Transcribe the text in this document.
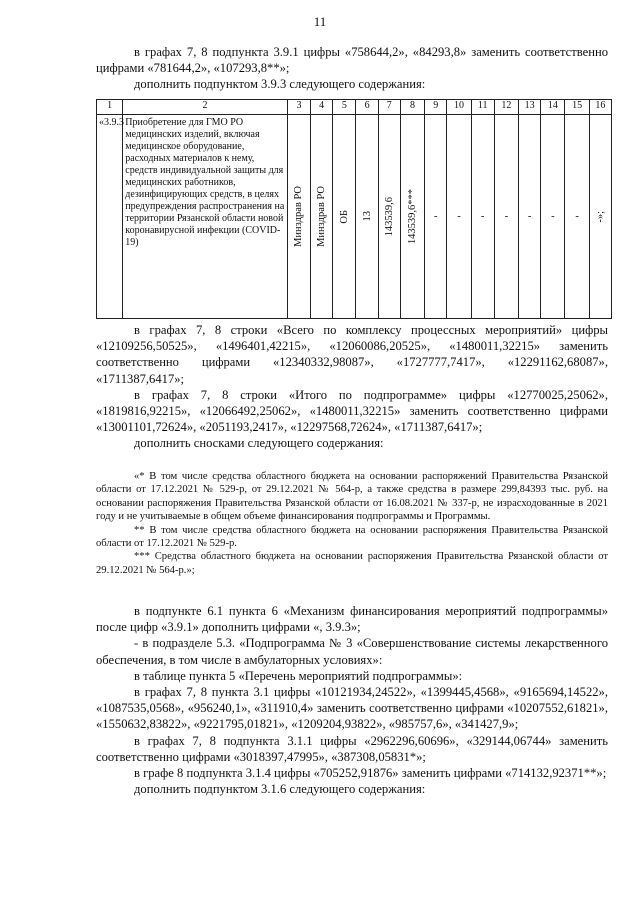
11

в графах 7, 8 подпункта 3.9.1 цифры «758644,2», «84293,8» заменить соответственно цифрами «781644,2», «107293,8**»;

дополнить подпунктом 3.9.3 следующего содержания:

1	2	3	4	5	6	7	8	9	10	11	12	13	14	15	16
«3.9.3	Приобретение для ГМО РО медицинских изделий, включая медицинское оборудование, расходных материалов к нему, средств индивидуальной защиты для медицинских работников, дезинфицирующих средств, в целях предупреждения распространения на территории Рязанской области новой коронавирусной инфекции (COVID-19)	Минздрав РО	Минздрав РО	ОБ	13	143539,6	143539,6***	-	-	-	-	-	-	-	-»;

в графах 7, 8 строки «Всего по комплексу процессных мероприятий» цифры «12109256,50525», «1496401,42215», «12060086,20525», «1480011,32215» заменить соответственно цифрами «12340332,98087», «1727777,7417», «12291162,68087», «1711387,6417»;

в графах 7, 8 строки «Итого по подпрограмме» цифры «12770025,25062», «1819816,92215», «12066492,25062», «1480011,32215» заменить соответственно цифрами «13001101,72624», «2051193,2417», «12297568,72624», «1711387,6417»;

дополнить сносками следующего содержания:

«* В том числе средства областного бюджета на основании распоряжений Правительства Рязанской области от 17.12.2021 № 529-р, от 29.12.2021 № 564-р, а также средства в размере 299,84393 тыс. руб. на основании распоряжения Правительства Рязанской области от 16.08.2021 № 337-р, не израсходованные в 2021 году и не учитываемые в общем объеме финансирования подпрограммы и Программы.

** В том числе средства областного бюджета на основании распоряжения Правительства Рязанской области от 17.12.2021 № 529-р.

*** Средства областного бюджета на основании распоряжения Правительства Рязанской области от 29.12.2021 № 564-р.»;

в подпункте 6.1 пункта 6 «Механизм финансирования мероприятий подпрограммы» после цифр «3.9.1» дополнить цифрами «, 3.9.3»;

- в подразделе 5.3. «Подпрограмма № 3 «Совершенствование системы лекарственного обеспечения, в том числе в амбулаторных условиях»:

в таблице пункта 5 «Перечень мероприятий подпрограммы»:

в графах 7, 8 пункта 3.1 цифры «10121934,24522», «1399445,4568», «9165694,14522», «1087535,0568», «956240,1», «311910,4» заменить соответственно цифрами «10207552,61821», «1550632,83822», «9221795,01821», «1209204,93822», «985757,6», «341427,9»;

в графах 7, 8 подпункта 3.1.1 цифры «2962296,60696», «329144,06744» заменить соответственно цифрами «3018397,47995», «387308,05831*»;

в графе 8 подпункта 3.1.4 цифры «705252,91876» заменить цифрами «714132,92371**»;

дополнить подпунктом 3.1.6 следующего содержания:
